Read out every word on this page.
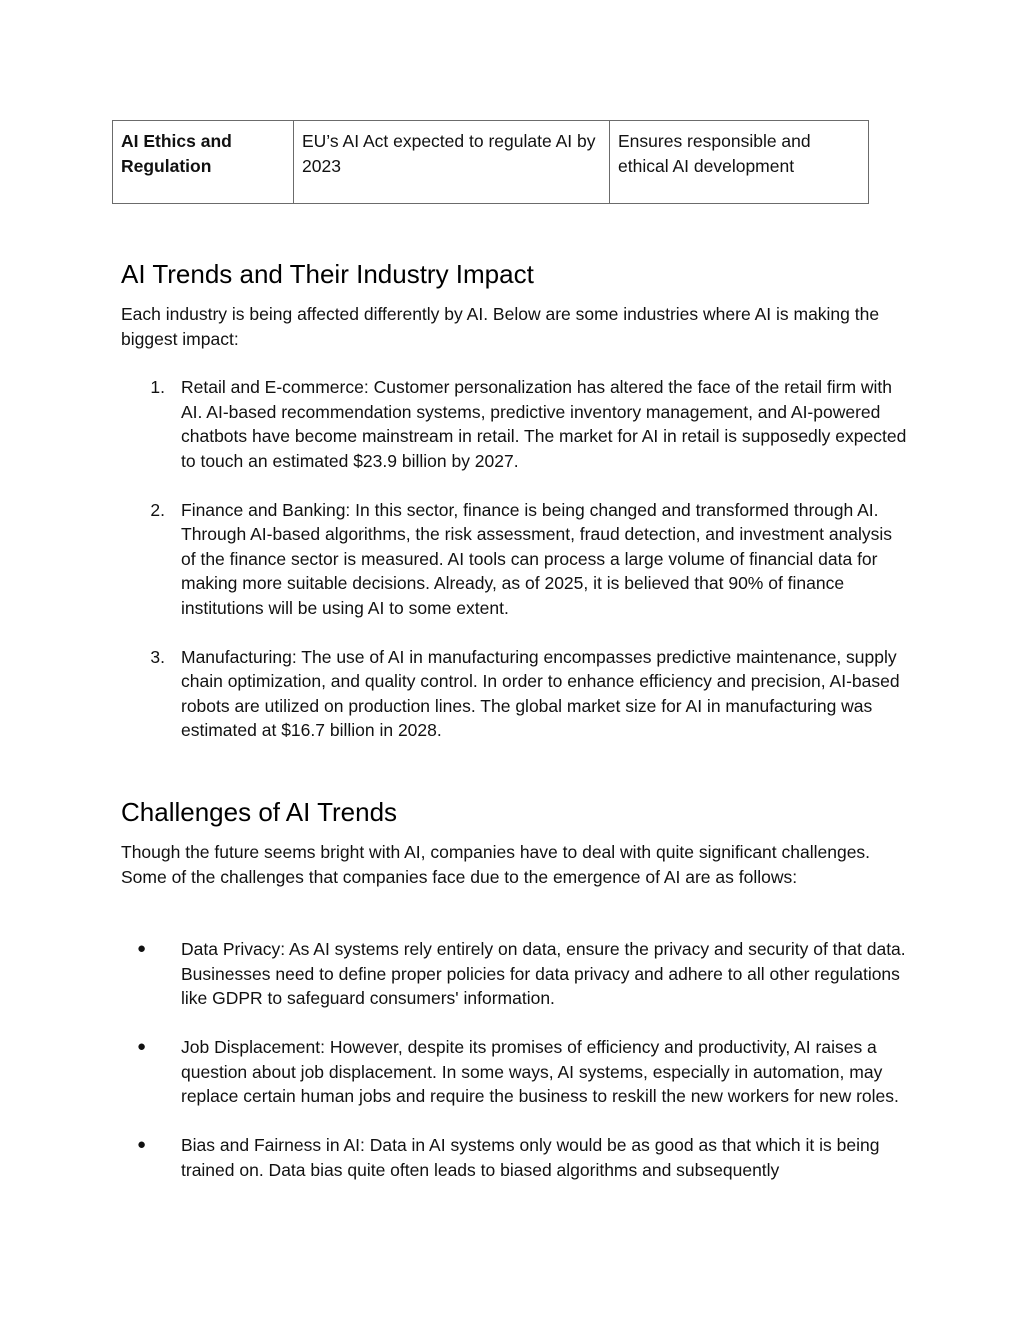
AI Ethics and Regulation	EU’s AI Act expected to regulate AI by 2023	Ensures responsible and ethical AI development
AI Trends and Their Industry Impact

Each industry is being affected differently by AI. Below are some industries where AI is making the biggest impact:

1. Retail and E-commerce: Customer personalization has altered the face of the retail firm with AI. AI-based recommendation systems, predictive inventory management, and AI-powered chatbots have become mainstream in retail. The market for AI in retail is supposedly expected to touch an estimated $23.9 billion by 2027.
2. Finance and Banking: In this sector, finance is being changed and transformed through AI. Through AI-based algorithms, the risk assessment, fraud detection, and investment analysis of the finance sector is measured. AI tools can process a large volume of financial data for making more suitable decisions. Already, as of 2025, it is believed that 90% of finance institutions will be using AI to some extent.
3. Manufacturing: The use of AI in manufacturing encompasses predictive maintenance, supply chain optimization, and quality control. In order to enhance efficiency and precision, AI-based robots are utilized on production lines. The global market size for AI in manufacturing was estimated at $16.7 billion in 2028.
Challenges of AI Trends

Though the future seems bright with AI, companies have to deal with quite significant challenges. Some of the challenges that companies face due to the emergence of AI are as follows:

● Data Privacy: As AI systems rely entirely on data, ensure the privacy and security of that data. Businesses need to define proper policies for data privacy and adhere to all other regulations like GDPR to safeguard consumers' information.
● Job Displacement: However, despite its promises of efficiency and productivity, AI raises a question about job displacement. In some ways, AI systems, especially in automation, may replace certain human jobs and require the business to reskill the new workers for new roles.
● Bias and Fairness in AI: Data in AI systems only would be as good as that which it is being trained on. Data bias quite often leads to biased algorithms and subsequently
